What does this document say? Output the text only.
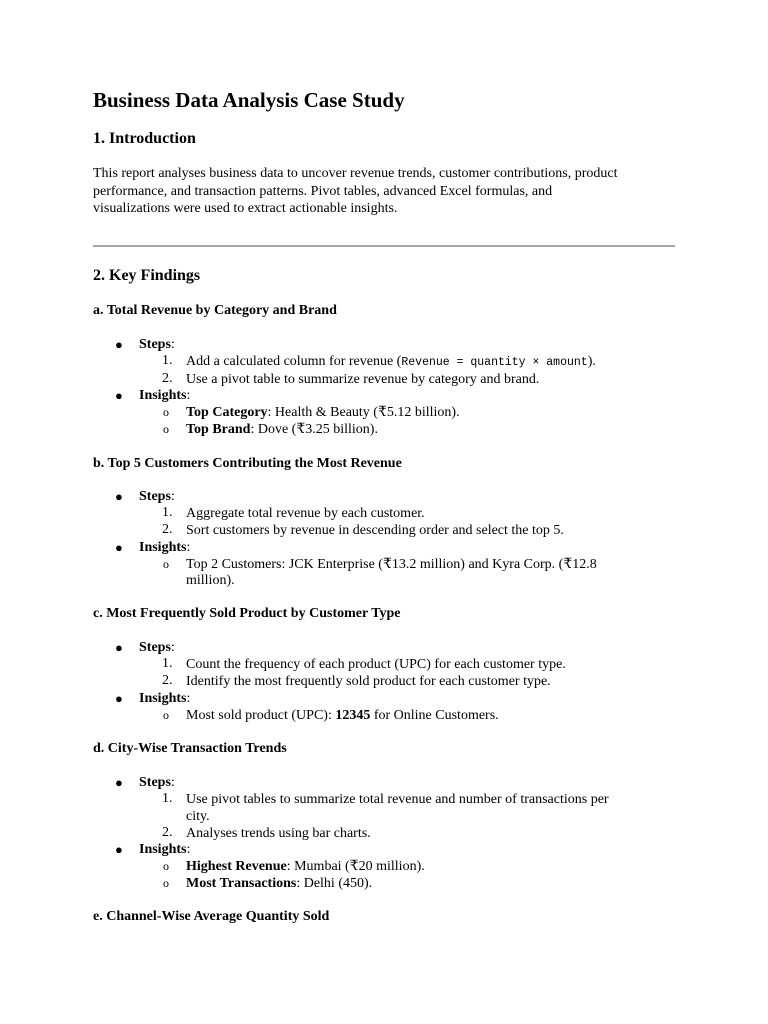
Business Data Analysis Case Study
1. Introduction
This report analyses business data to uncover revenue trends, customer contributions, product
performance, and transaction patterns. Pivot tables, advanced Excel formulas, and
visualizations were used to extract actionable insights.
2. Key Findings
a. Total Revenue by Category and Brand
● Steps:
1. Add a calculated column for revenue (Revenue = quantity × amount).
2. Use a pivot table to summarize revenue by category and brand.
● Insights:
o Top Category: Health & Beauty (₹5.12 billion).
o Top Brand: Dove (₹3.25 billion).
b. Top 5 Customers Contributing the Most Revenue
● Steps:
1. Aggregate total revenue by each customer.
2. Sort customers by revenue in descending order and select the top 5.
● Insights:
o Top 2 Customers: JCK Enterprise (₹13.2 million) and Kyra Corp. (₹12.8
million).
c. Most Frequently Sold Product by Customer Type
● Steps:
1. Count the frequency of each product (UPC) for each customer type.
2. Identify the most frequently sold product for each customer type.
● Insights:
o Most sold product (UPC): 12345 for Online Customers.
d. City-Wise Transaction Trends
● Steps:
1. Use pivot tables to summarize total revenue and number of transactions per
city.
2. Analyses trends using bar charts.
● Insights:
o Highest Revenue: Mumbai (₹20 million).
o Most Transactions: Delhi (450).
e. Channel-Wise Average Quantity Sold
